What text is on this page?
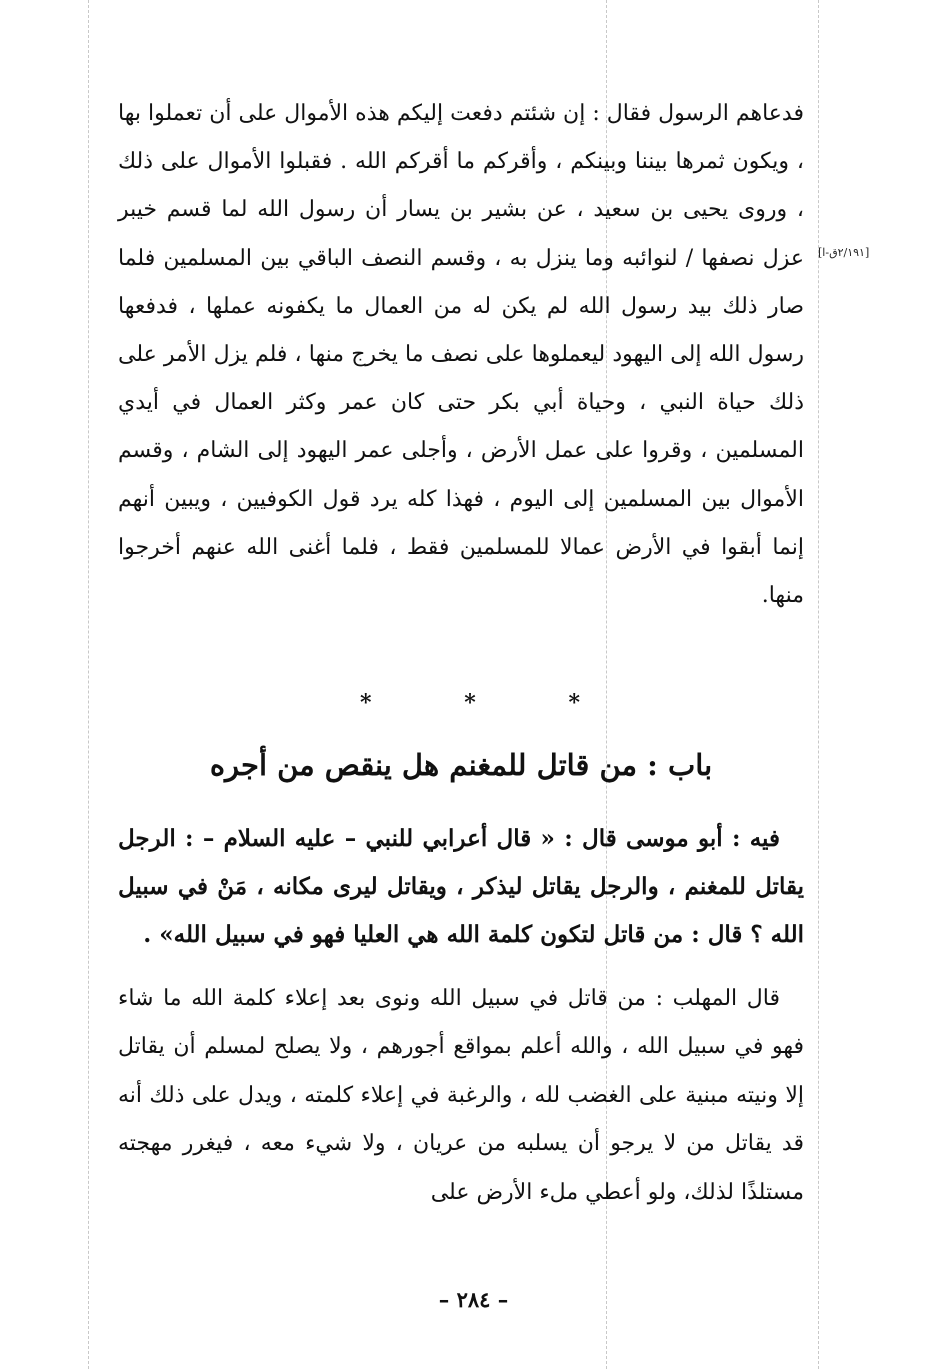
فدعاهم الرسول فقال : إن شئتم دفعت إليكم هذه الأموال على أن تعملوا بها ، ويكون ثمرها بيننا وبينكم ، وأقركم ما أقركم الله . فقبلوا الأموال على ذلك ، وروى يحيى بن سعيد ، عن بشير بن يسار أن رسول الله لما قسم خيبر عزل نصفها / لنوائبه وما ينزل به ، وقسم النصف الباقي بين المسلمين فلما صار ذلك بيد رسول الله لم يكن له من العمال ما يكفونه عملها ، فدفعها رسول الله إلى اليهود ليعملوها على نصف ما يخرج منها ، فلم يزل الأمر على ذلك حياة النبي ، وحياة أبي بكر حتى كان عمر وكثر العمال في أيدي المسلمين ، وقروا على عمل الأرض ، وأجلى عمر اليهود إلى الشام ، وقسم الأموال بين المسلمين إلى اليوم ، فهذا كله يرد قول الكوفيين ، ويبين أنهم إنما أبقوا في الأرض عمالا للمسلمين فقط ، فلما أغنى الله عنهم أخرجوا منها.

[٢/١٩١ق-ا]
*	*	*
باب : من قاتل للمغنم هل ينقص من أجره

فيه : أبو موسى قال : « قال أعرابي للنبي – عليه السلام – : الرجل يقاتل للمغنم ، والرجل يقاتل ليذكر ، ويقاتل ليرى مكانه ، مَنْ في سبيل الله ؟ قال : من قاتل لتكون كلمة الله هي العليا فهو في سبيل الله» .

قال المهلب : من قاتل في سبيل الله ونوى بعد إعلاء كلمة الله ما شاء فهو في سبيل الله ، والله أعلم بمواقع أجورهم ، ولا يصلح لمسلم أن يقاتل إلا ونيته مبنية على الغضب لله ، والرغبة في إعلاء كلمته ، ويدل على ذلك أنه قد يقاتل من لا يرجو أن يسلبه من عريان ، ولا شيء معه ، فيغرر مهجته مستلذًا لذلك، ولو أعطي ملء الأرض على

– ٢٨٤ –
